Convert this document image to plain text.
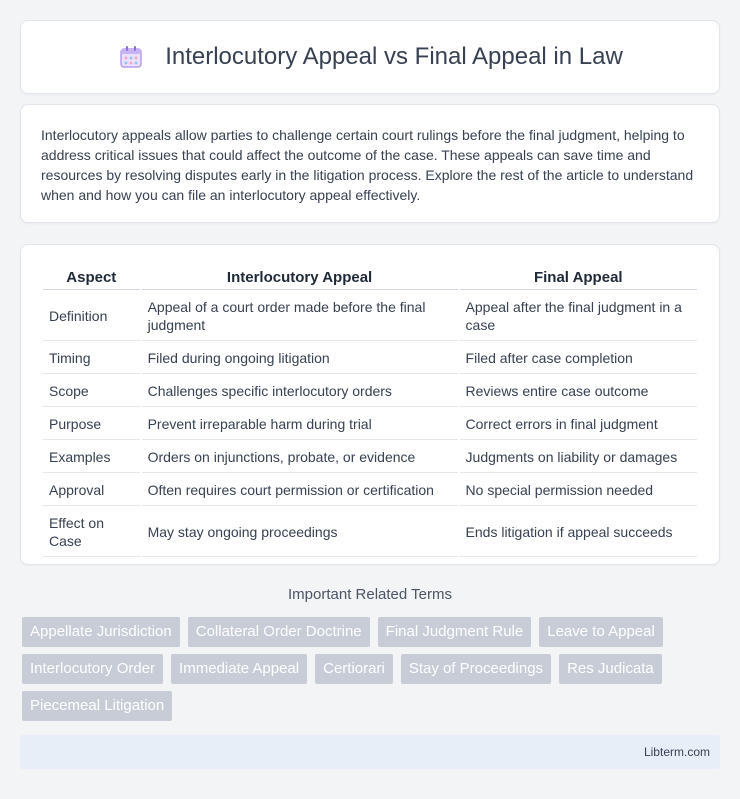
Interlocutory Appeal vs Final Appeal in Law

Interlocutory appeals allow parties to challenge certain court rulings before the final judgment, helping to address critical issues that could affect the outcome of the case. These appeals can save time and resources by resolving disputes early in the litigation process. Explore the rest of the article to understand when and how you can file an interlocutory appeal effectively.

Aspect	Interlocutory Appeal	Final Appeal
Definition	Appeal of a court order made before the final judgment	Appeal after the final judgment in a case
Timing	Filed during ongoing litigation	Filed after case completion
Scope	Challenges specific interlocutory orders	Reviews entire case outcome
Purpose	Prevent irreparable harm during trial	Correct errors in final judgment
Examples	Orders on injunctions, probate, or evidence	Judgments on liability or damages
Approval	Often requires court permission or certification	No special permission needed
Effect on Case	May stay ongoing proceedings	Ends litigation if appeal succeeds
Important Related Terms
Appellate Jurisdiction	Collateral Order Doctrine	Final Judgment Rule	Leave to Appeal
Interlocutory Order	Immediate Appeal	Certiorari	Stay of Proceedings	Res Judicata
Piecemeal Litigation
Libterm.com
